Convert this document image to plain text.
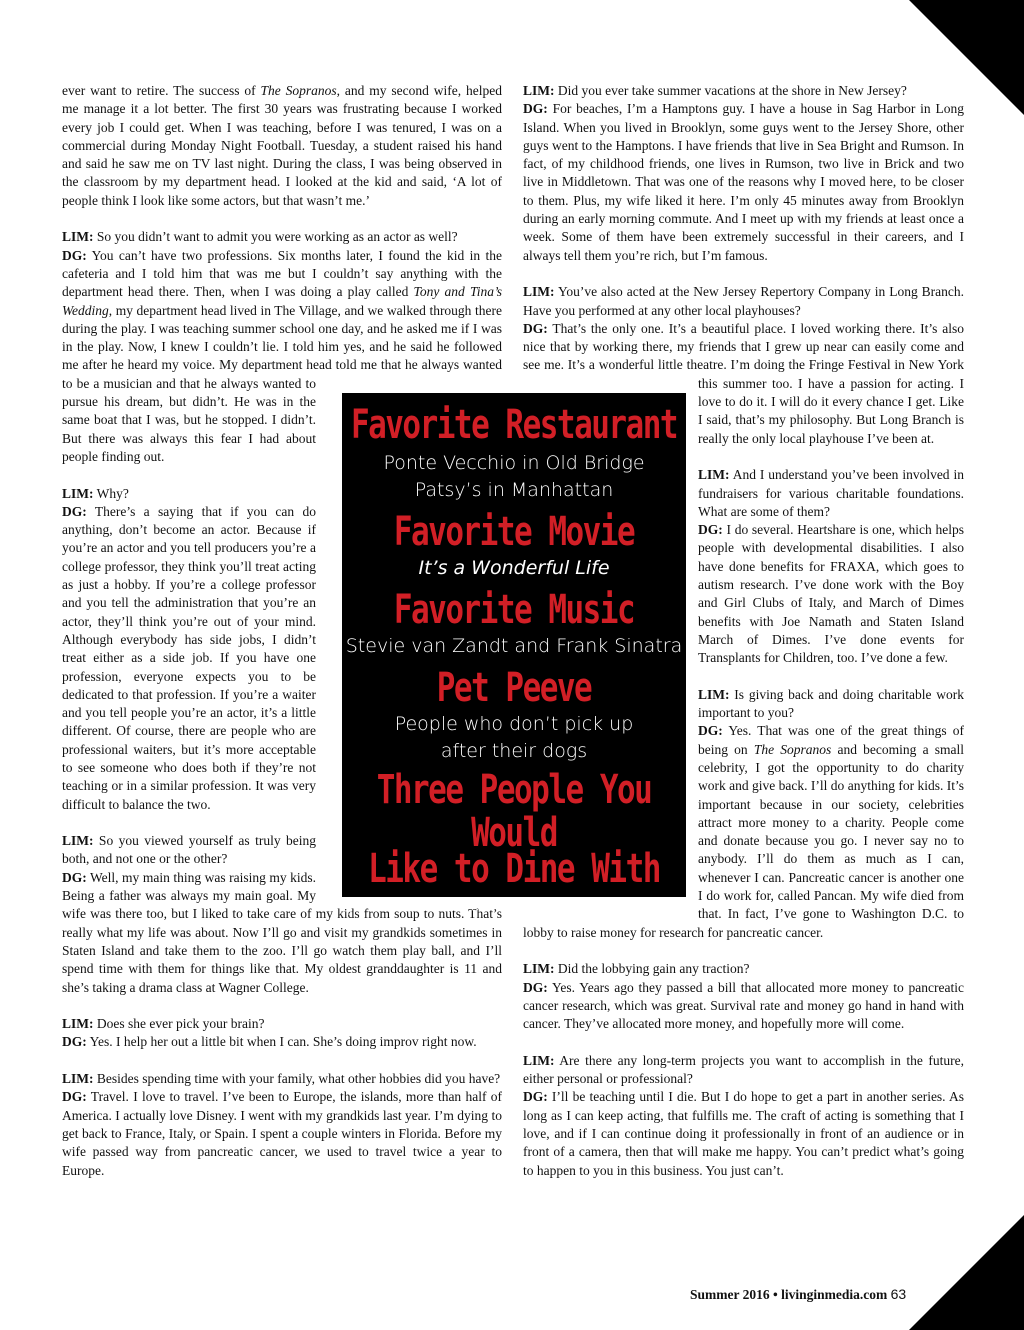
ever want to retire. The success of The Sopranos, and my second wife, helped me manage it a lot better. The first 30 years was frustrating because I worked every job I could get. When I was teaching, before I was tenured, I was on a commercial during Monday Night Football. Tuesday, a student raised his hand and said he saw me on TV last night. During the class, I was being observed in the classroom by my department head. I looked at the kid and said, ‘A lot of people think I look like some actors, but that wasn’t me.’

LIM: So you didn’t want to admit you were working as an actor as well?

DG: You can’t have two professions. Six months later, I found the kid in the cafeteria and I told him that was me but I couldn’t say anything with the department head there. Then, when I was doing a play called Tony and Tina’s Wedding, my department head lived in The Village, and we walked through there during the play. I was teaching summer school one day, and he asked me if I was in the play. Now, I knew I couldn’t lie. I told him yes, and he said he followed me after he heard my voice. My department head told me that he always wanted to be a musician and that he always wanted to pursue his dream, but didn’t. He was in the same boat that I was, but he stopped. I didn’t. But there was always this fear I had about people finding out.

LIM: Why?

DG: There’s a saying that if you can do anything, don’t become an actor. Because if you’re an actor and you tell producers you’re a college professor, they think you’ll treat acting as just a hobby. If you’re a college professor and you tell the administration that you’re an actor, they’ll think you’re out of your mind. Although everybody has side jobs, I didn’t treat either as a side job. If you have one profession, everyone expects you to be dedicated to that profession. If you’re a waiter and you tell people you’re an actor, it’s a little different. Of course, there are people who are professional waiters, but it’s more acceptable to see someone who does both if they’re not teaching or in a similar profession. It was very difficult to balance the two.

LIM: So you viewed yourself as truly being both, and not one or the other?

DG: Well, my main thing was raising my kids. Being a father was always my main goal. My wife was there too, but I liked to take care of my kids from soup to nuts. That’s really what my life was about. Now I’ll go and visit my grandkids sometimes in Staten Island and take them to the zoo. I’ll go watch them play ball, and I’ll spend time with them for things like that. My oldest granddaughter is 11 and she’s taking a drama class at Wagner College.

LIM: Does she ever pick your brain?

DG: Yes. I help her out a little bit when I can. She’s doing improv right now.

LIM: Besides spending time with your family, what other hobbies did you have?

DG: Travel. I love to travel. I’ve been to Europe, the islands, more than half of America. I actually love Disney. I went with my grandkids last year. I’m dying to get back to France, Italy, or Spain. I spent a couple winters in Florida. Before my wife passed way from pancreatic cancer, we used to travel twice a year to Europe.

LIM: Did you ever take summer vacations at the shore in New Jersey?

DG: For beaches, I’m a Hamptons guy. I have a house in Sag Harbor in Long Island. When you lived in Brooklyn, some guys went to the Jersey Shore, other guys went to the Hamptons. I have friends that live in Sea Bright and Rumson. In fact, of my childhood friends, one lives in Rumson, two live in Brick and two live in Middletown. That was one of the reasons why I moved here, to be closer to them. Plus, my wife liked it here. I’m only 45 minutes away from Brooklyn during an early morning commute. And I meet up with my friends at least once a week. Some of them have been extremely successful in their careers, and I always tell them you’re rich, but I’m famous.

LIM: You’ve also acted at the New Jersey Repertory Company in Long Branch. Have you performed at any other local playhouses?

DG: That’s the only one. It’s a beautiful place. I loved working there. It’s also nice that by working there, my friends that I grew up near can easily come and see me. It’s a wonderful little theatre. I’m doing the Fringe Festival in New York this summer too. I have a passion for acting. I love to do it. I will do it every chance I get. Like I said, that’s my philosophy. But Long Branch is really the only local playhouse I’ve been at.

LIM: And I understand you’ve been involved in fundraisers for various charitable foundations. What are some of them?

DG: I do several. Heartshare is one, which helps people with developmental disabilities. I also have done benefits for FRAXA, which goes to autism research. I’ve done work with the Boy and Girl Clubs of Italy, and March of Dimes benefits with Joe Namath and Staten Island March of Dimes. I’ve done events for Transplants for Children, too. I’ve done a few.

LIM: Is giving back and doing charitable work important to you?

DG: Yes. That was one of the great things of being on The Sopranos and becoming a small celebrity, I got the opportunity to do charity work and give back. I’ll do anything for kids. It’s important because in our society, celebrities attract more money to a charity. People come and donate because you go. I never say no to anybody. I’ll do them as much as I can, whenever I can. Pancreatic cancer is another one I do work for, called Pancan. My wife died from that. In fact, I’ve gone to Washington D.C. to lobby to raise money for research for pancreatic cancer.

LIM: Did the lobbying gain any traction?

DG: Yes. Years ago they passed a bill that allocated more money to pancreatic cancer research, which was great. Survival rate and money go hand in hand with cancer. They’ve allocated more money, and hopefully more will come.

LIM: Are there any long-term projects you want to accomplish in the future, either personal or professional?

DG: I’ll be teaching until I die. But I do hope to get a part in another series. As long as I can keep acting, that fulfills me. The craft of acting is something that I love, and if I can continue doing it professionally in front of an audience or in front of a camera, then that will make me happy. You can’t predict what’s going to happen to you in this business. You just can’t.

Favorite Restaurant

Ponte Vecchio in Old Bridge

Patsy’s in Manhattan

Favorite Movie

It’s a Wonderful Life

Favorite Music

Stevie van Zandt and Frank Sinatra

Pet Peeve

People who don’t pick up

after their dogs

Three People You Would

Like to Dine With

Jesus, Buddha, and the Dalai Lama

Summer 2016 • livinginmedia.com 63
